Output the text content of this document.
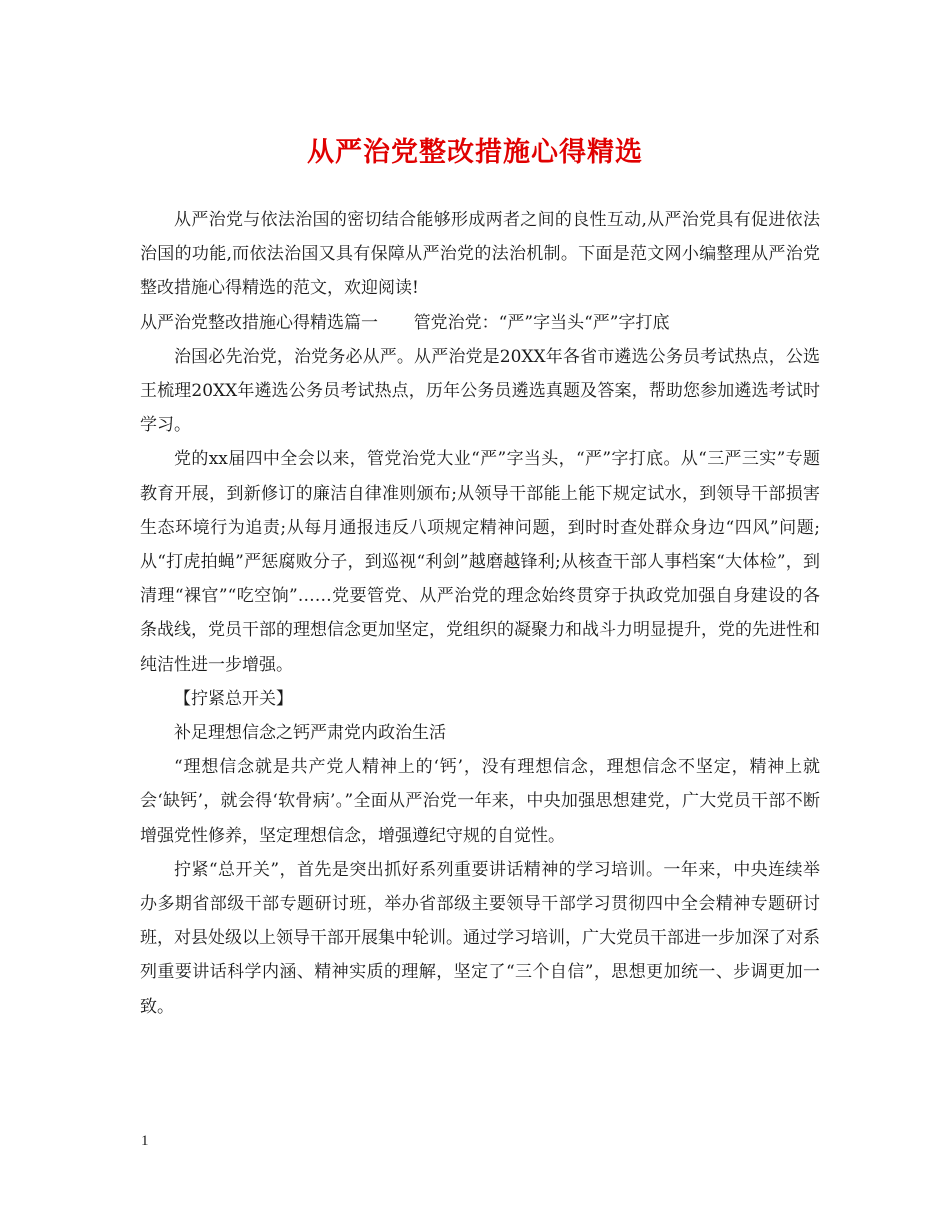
从严治党整改措施心得精选

从严治党与依法治国的密切结合能够形成两者之间的良性互动,从严治党具有促进依法治国的功能,而依法治国又具有保障从严治党的法治机制。下面是范文网小编整理从严治党整改措施心得精选的范文，欢迎阅读!

从严治党整改措施心得精选篇一 管党治党：“严”字当头“严”字打底

治国必先治党，治党务必从严。从严治党是20XX年各省市遴选公务员考试热点，公选王梳理20XX年遴选公务员考试热点，历年公务员遴选真题及答案，帮助您参加遴选考试时学习。

党的xx届四中全会以来，管党治党大业“严”字当头，“严”字打底。从“三严三实”专题教育开展，到新修订的廉洁自律准则颁布;从领导干部能上能下规定试水，到领导干部损害生态环境行为追责;从每月通报违反八项规定精神问题，到时时查处群众身边“四风”问题;从“打虎拍蝇”严惩腐败分子，到巡视“利剑”越磨越锋利;从核查干部人事档案“大体检”，到清理“裸官”“吃空饷”……党要管党、从严治党的理念始终贯穿于执政党加强自身建设的各条战线，党员干部的理想信念更加坚定，党组织的凝聚力和战斗力明显提升，党的先进性和纯洁性进一步增强。

【拧紧总开关】

补足理想信念之钙严肃党内政治生活

“理想信念就是共产党人精神上的‘钙’，没有理想信念，理想信念不坚定，精神上就会‘缺钙’，就会得‘软骨病’。”全面从严治党一年来，中央加强思想建党，广大党员干部不断增强党性修养，坚定理想信念，增强遵纪守规的自觉性。

拧紧“总开关”，首先是突出抓好系列重要讲话精神的学习培训。一年来，中央连续举办多期省部级干部专题研讨班，举办省部级主要领导干部学习贯彻四中全会精神专题研讨班，对县处级以上领导干部开展集中轮训。通过学习培训，广大党员干部进一步加深了对系列重要讲话科学内涵、精神实质的理解，坚定了“三个自信”，思想更加统一、步调更加一致。

1
